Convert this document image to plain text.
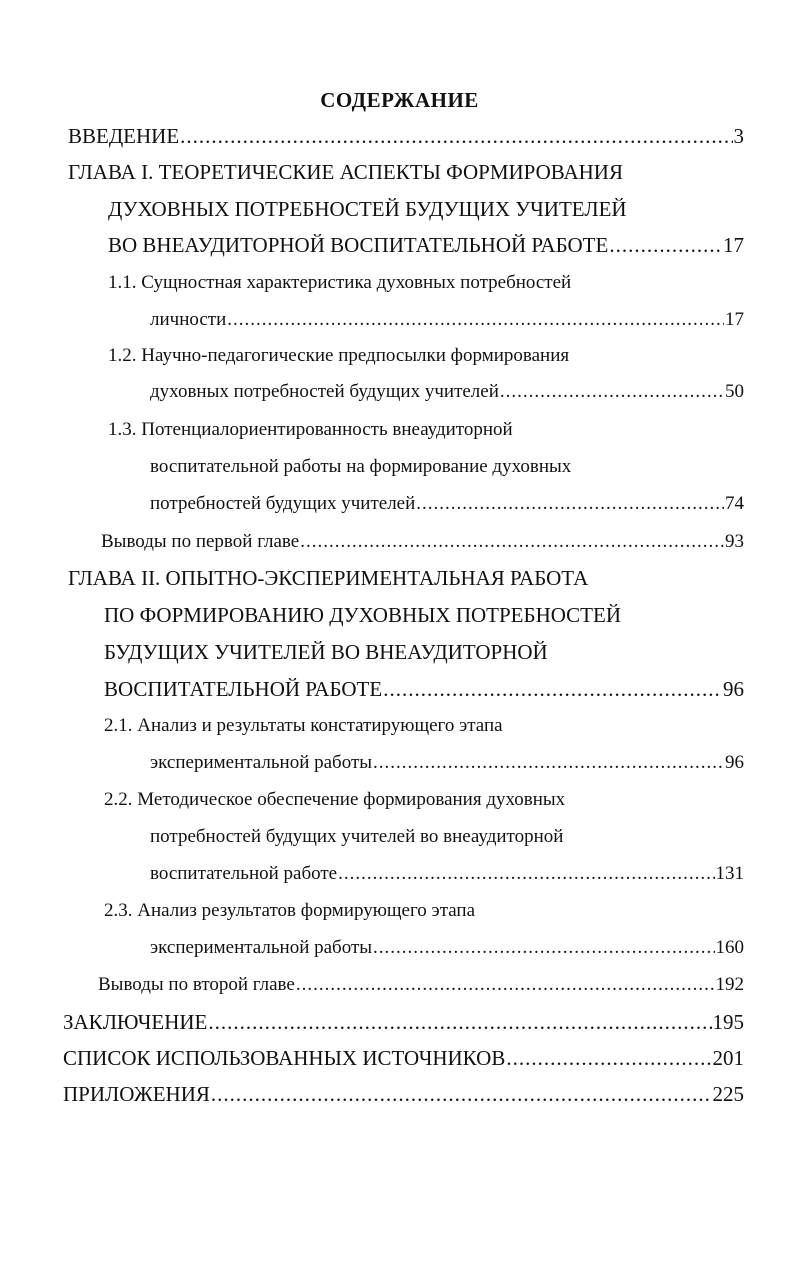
СОДЕРЖАНИЕ
ВВЕДЕНИЕ .....	3
ГЛАВА I. ТЕОРЕТИЧЕСКИЕ АСПЕКТЫ ФОРМИРОВАНИЯ
ДУХОВНЫХ ПОТРЕБНОСТЕЙ БУДУЩИХ УЧИТЕЛЕЙ
ВО ВНЕАУДИТОРНОЙ ВОСПИТАТЕЛЬНОЙ РАБОТЕ .....	17
1.1. Сущностная характеристика духовных потребностей
личности .....	17
1.2. Научно-педагогические предпосылки формирования
духовных потребностей будущих учителей .....	50
1.3. Потенциалориентированность внеаудиторной
воспитательной работы на формирование духовных
потребностей будущих учителей .....	74
Выводы по первой главе .....	93
ГЛАВА II. ОПЫТНО-ЭКСПЕРИМЕНТАЛЬНАЯ РАБОТА
ПО ФОРМИРОВАНИЮ ДУХОВНЫХ ПОТРЕБНОСТЕЙ
БУДУЩИХ УЧИТЕЛЕЙ ВО ВНЕАУДИТОРНОЙ
ВОСПИТАТЕЛЬНОЙ РАБОТЕ .....	96
2.1. Анализ и результаты констатирующего этапа
экспериментальной работы .....	96
2.2. Методическое обеспечение формирования духовных
потребностей будущих учителей во внеаудиторной
воспитательной работе .....	131
2.3. Анализ результатов формирующего этапа
экспериментальной работы .....	160
Выводы по второй главе .....	192
ЗАКЛЮЧЕНИЕ .....	195
СПИСОК ИСПОЛЬЗОВАННЫХ ИСТОЧНИКОВ .....	201
ПРИЛОЖЕНИЯ .....	225
